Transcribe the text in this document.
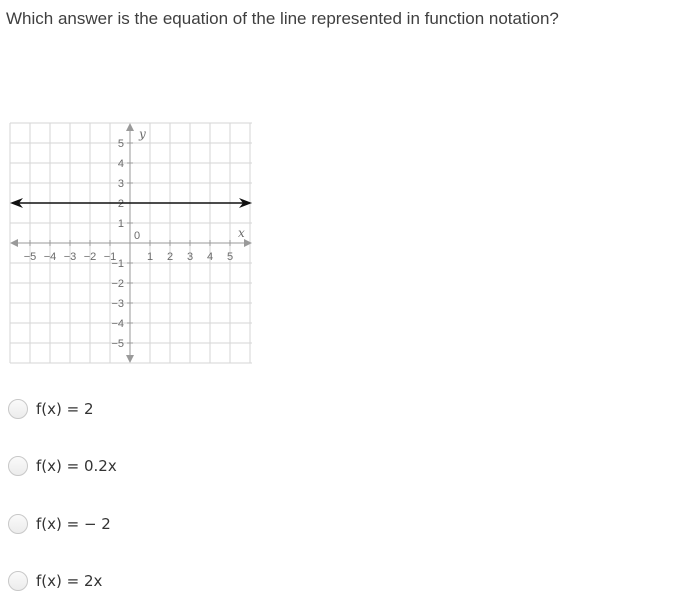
Which answer is the equation of the line represented in function notation?
−5 −4 −3 −2 −1	1 2 3 4 5
−5
−4
−3
−2
−1
1
2
3
4
5
0	x
y
f(x) = 2
f(x) = 0.2x
f(x) = − 2
f(x) = 2x
